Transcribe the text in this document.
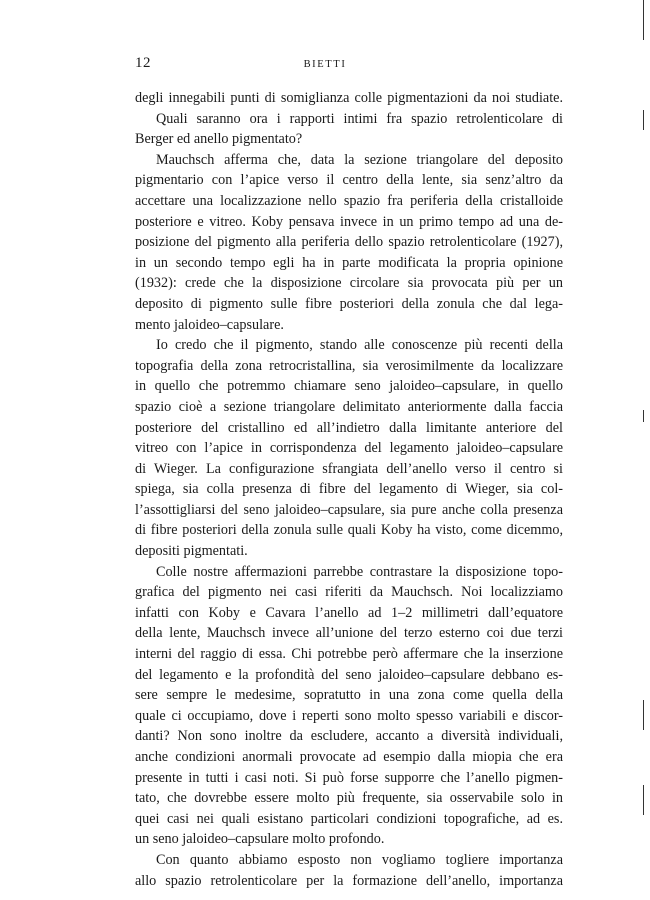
12	BIETTI
degli innegabili punti di somiglianza colle pigmentazioni da noi studiate.
Quali saranno ora i rapporti intimi fra spazio retrolenticolare di
Berger ed anello pigmentato?
Mauchsch afferma che, data la sezione triangolare del deposito
pigmentario con l’apice verso il centro della lente, sia senz’altro da
accettare una localizzazione nello spazio fra periferia della cristalloide
posteriore e vitreo. Koby pensava invece in un primo tempo ad una de-
posizione del pigmento alla periferia dello spazio retrolenticolare (1927),
in un secondo tempo egli ha in parte modificata la propria opinione
(1932): crede che la disposizione circolare sia provocata più per un
deposito di pigmento sulle fibre posteriori della zonula che dal lega-
mento jaloideo–capsulare.
Io credo che il pigmento, stando alle conoscenze più recenti della
topografia della zona retrocristallina, sia verosimilmente da localizzare
in quello che potremmo chiamare seno jaloideo–capsulare, in quello
spazio cioè a sezione triangolare delimitato anteriormente dalla faccia
posteriore del cristallino ed all’indietro dalla limitante anteriore del
vitreo con l’apice in corrispondenza del legamento jaloideo–capsulare
di Wieger. La configurazione sfrangiata dell’anello verso il centro si
spiega, sia colla presenza di fibre del legamento di Wieger, sia col-
l’assottigliarsi del seno jaloideo–capsulare, sia pure anche colla presenza
di fibre posteriori della zonula sulle quali Koby ha visto, come dicemmo,
depositi pigmentati.
Colle nostre affermazioni parrebbe contrastare la disposizione topo-
grafica del pigmento nei casi riferiti da Mauchsch. Noi localizziamo
infatti con Koby e Cavara l’anello ad 1–2 millimetri dall’equatore
della lente, Mauchsch invece all’unione del terzo esterno coi due terzi
interni del raggio di essa. Chi potrebbe però affermare che la inserzione
del legamento e la profondità del seno jaloideo–capsulare debbano es-
sere sempre le medesime, sopratutto in una zona come quella della
quale ci occupiamo, dove i reperti sono molto spesso variabili e discor-
danti? Non sono inoltre da escludere, accanto a diversità individuali,
anche condizioni anormali provocate ad esempio dalla miopia che era
presente in tutti i casi noti. Si può forse supporre che l’anello pigmen-
tato, che dovrebbe essere molto più frequente, sia osservabile solo in
quei casi nei quali esistano particolari condizioni topografiche, ad es.
un seno jaloideo–capsulare molto profondo.
Con quanto abbiamo esposto non vogliamo togliere importanza
allo spazio retrolenticolare per la formazione dell’anello, importanza
